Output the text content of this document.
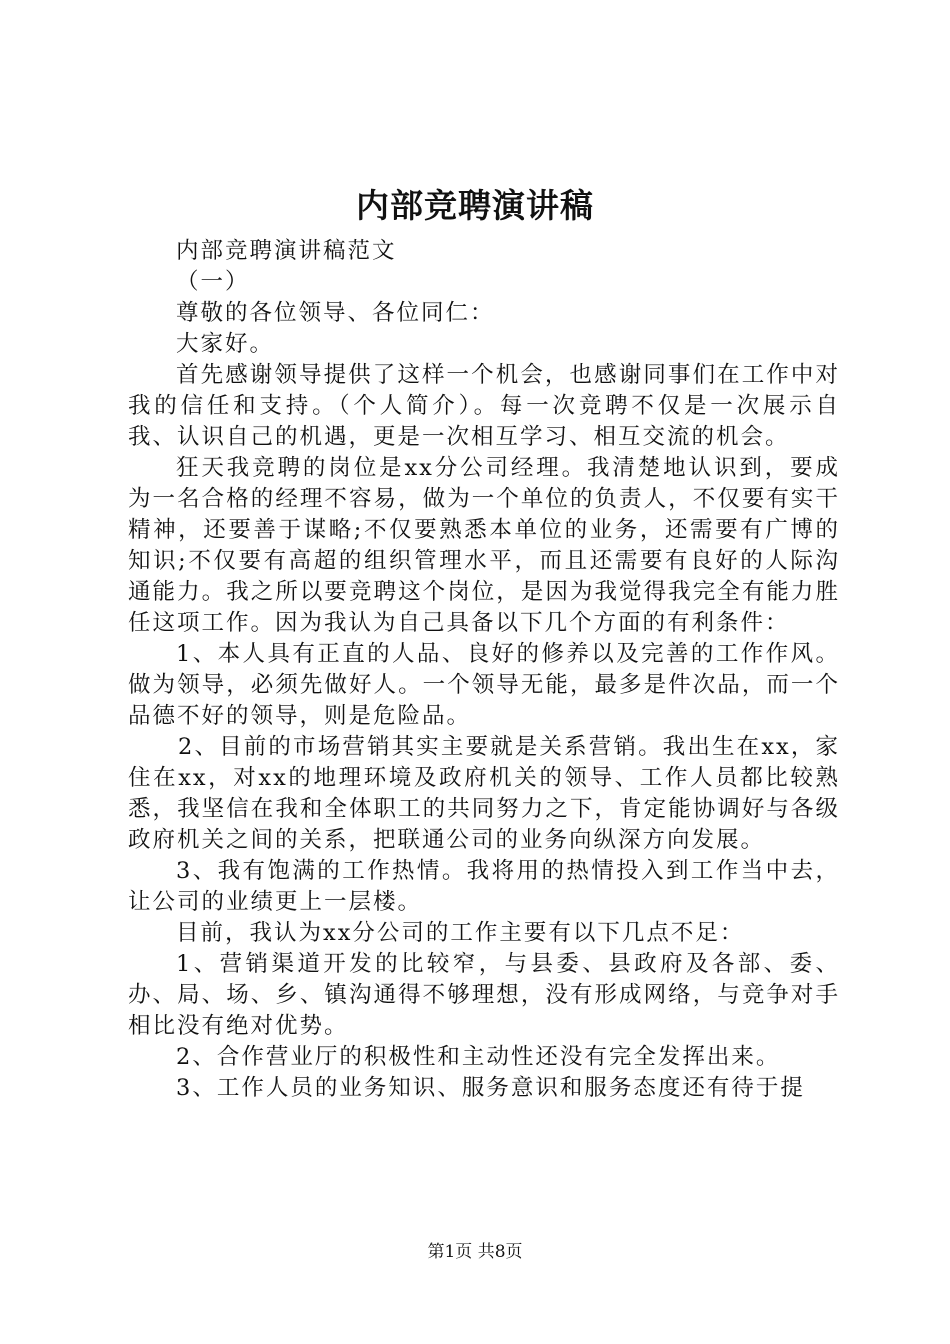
内部竞聘演讲稿

内部竞聘演讲稿范文

（一）

尊敬的各位领导、各位同仁：

大家好。

首先感谢领导提供了这样一个机会，也感谢同事们在工作中对我的信任和支持。（个人简介）。每一次竞聘不仅是一次展示自我、认识自己的机遇，更是一次相互学习、相互交流的机会。

狂天我竞聘的岗位是xx分公司经理。我清楚地认识到，要成为一名合格的经理不容易，做为一个单位的负责人，不仅要有实干精神，还要善于谋略;不仅要熟悉本单位的业务，还需要有广博的知识;不仅要有高超的组织管理水平，而且还需要有良好的人际沟通能力。我之所以要竞聘这个岗位，是因为我觉得我完全有能力胜任这项工作。因为我认为自己具备以下几个方面的有利条件：

1、本人具有正直的人品、良好的修养以及完善的工作作风。做为领导，必须先做好人。一个领导无能，最多是件次品，而一个品德不好的领导，则是危险品。

2、目前的市场营销其实主要就是关系营销。我出生在xx，家住在xx，对xx的地理环境及政府机关的领导、工作人员都比较熟悉，我坚信在我和全体职工的共同努力之下，肯定能协调好与各级政府机关之间的关系，把联通公司的业务向纵深方向发展。

3、我有饱满的工作热情。我将用的热情投入到工作当中去，让公司的业绩更上一层楼。

目前，我认为xx分公司的工作主要有以下几点不足：

1、营销渠道开发的比较窄，与县委、县政府及各部、委、办、局、场、乡、镇沟通得不够理想，没有形成网络，与竞争对手相比没有绝对优势。

2、合作营业厅的积极性和主动性还没有完全发挥出来。

3、工作人员的业务知识、服务意识和服务态度还有待于提

第1页 共8页
